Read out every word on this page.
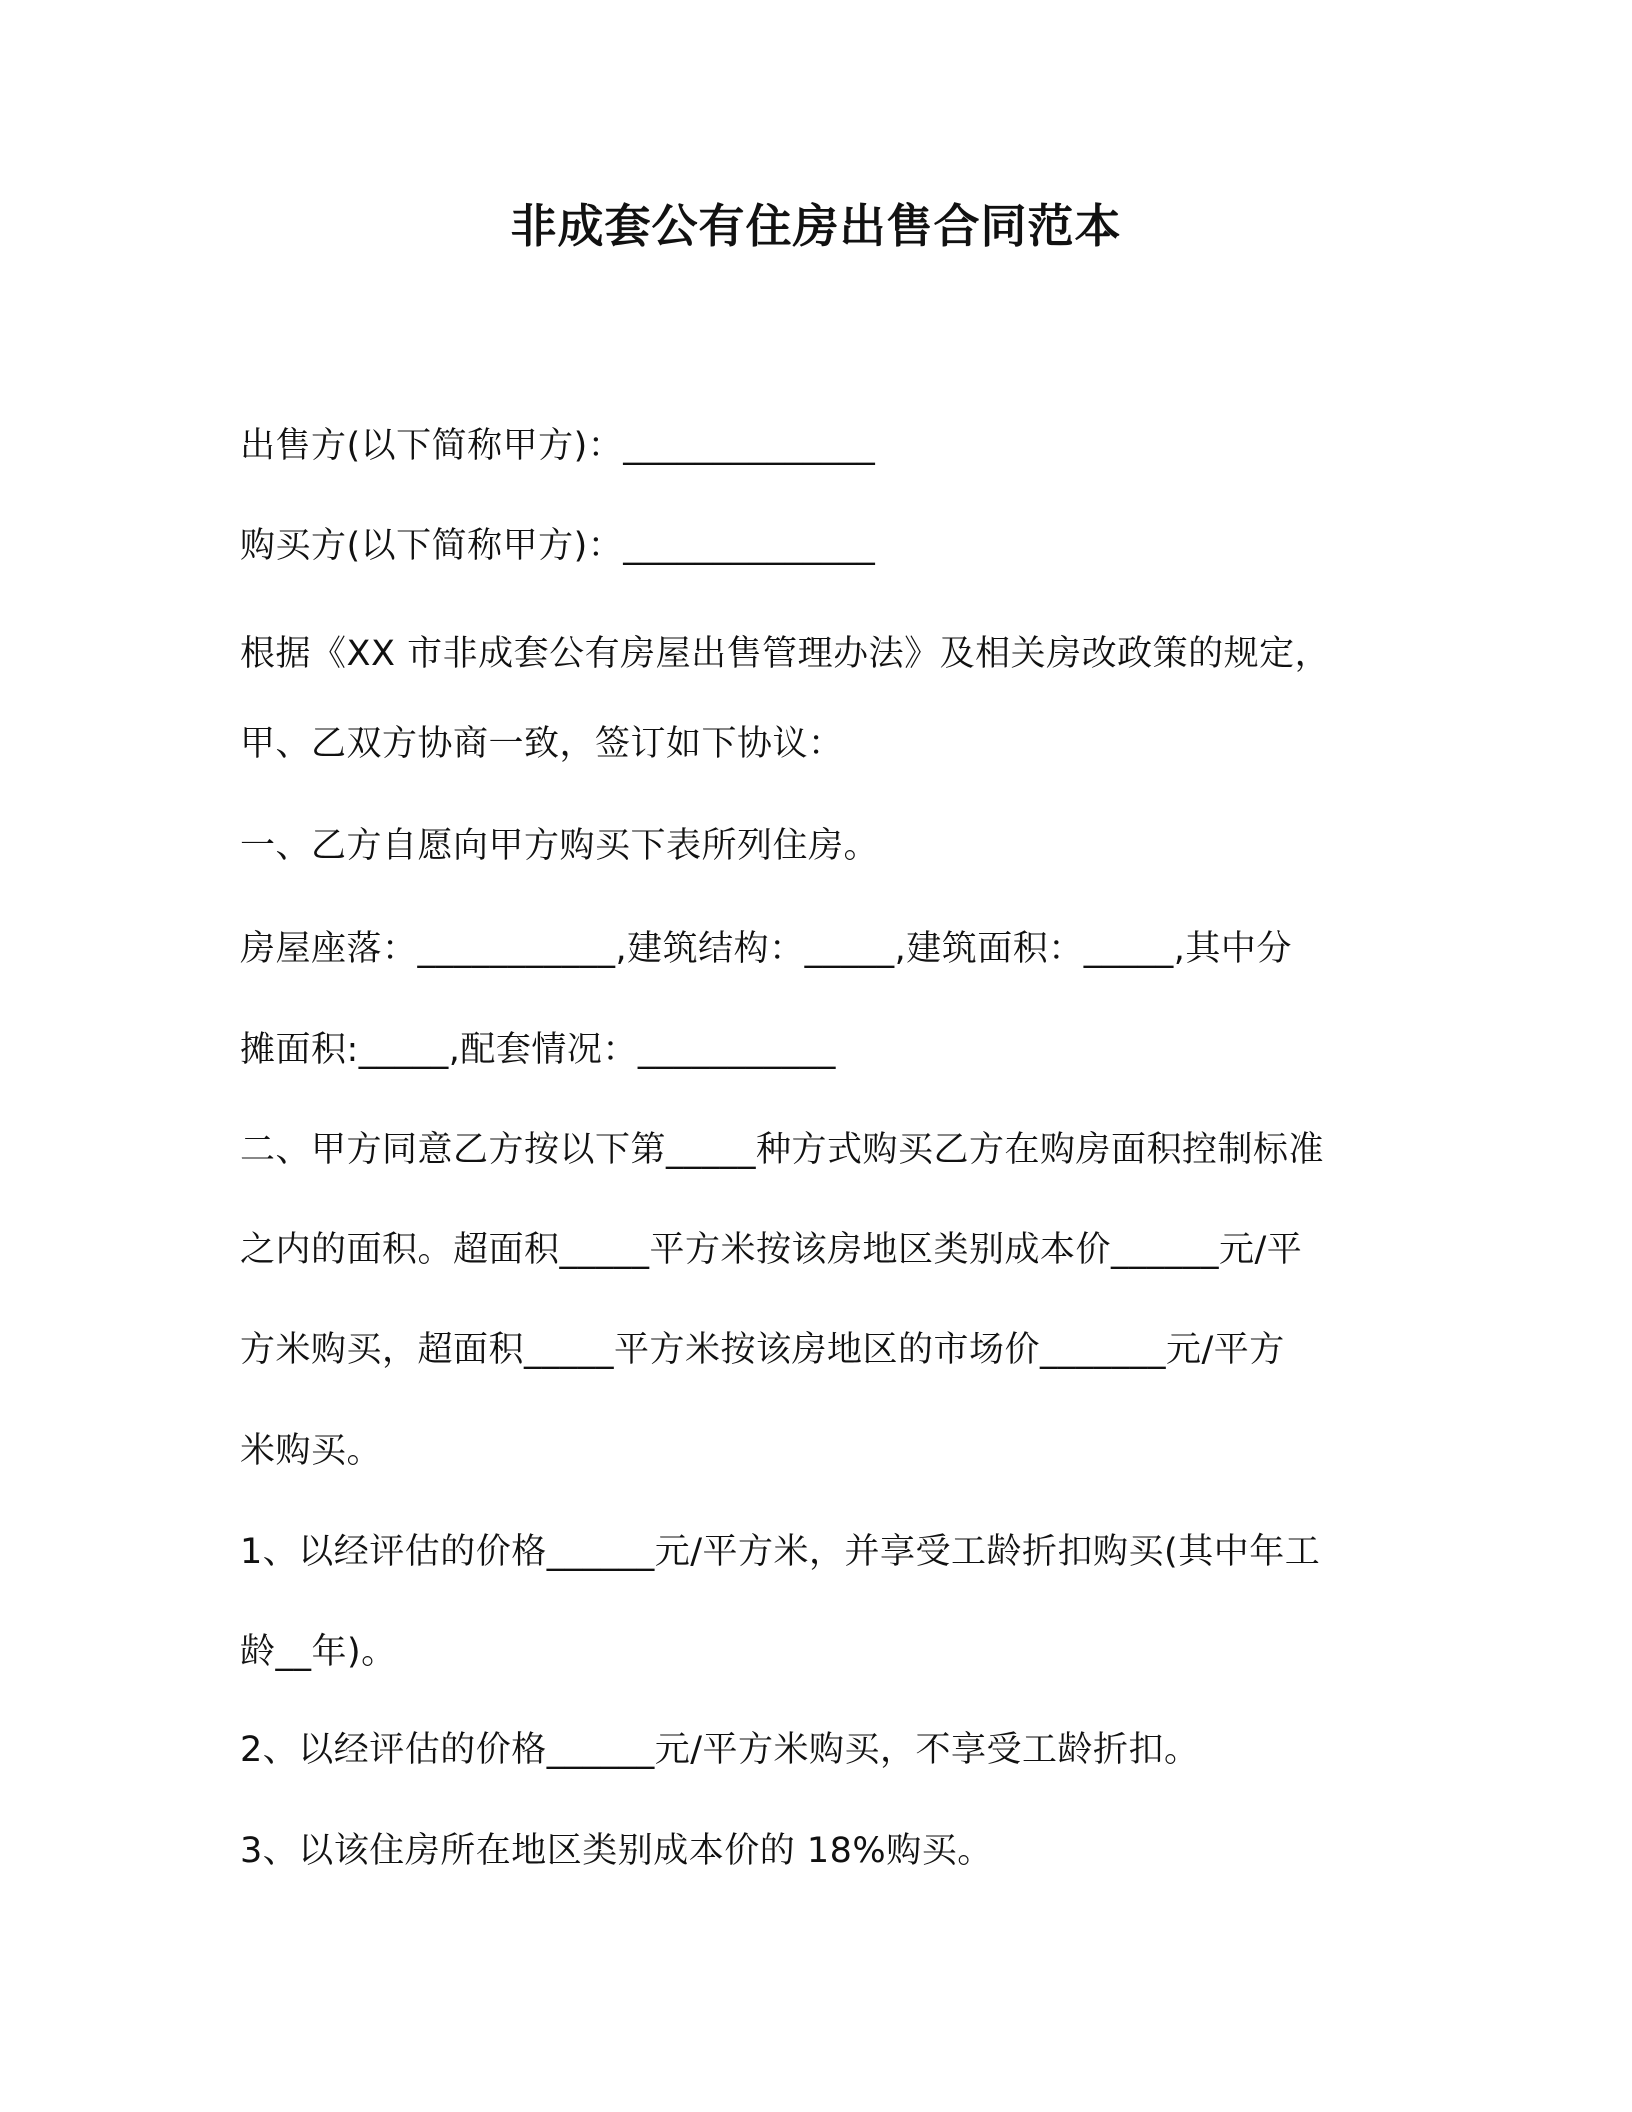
非成套公有住房出售合同范本
出售方(以下简称甲方)：______________
购买方(以下简称甲方)：______________
根据《XX 市非成套公有房屋出售管理办法》及相关房改政策的规定，
甲、乙双方协商一致，签订如下协议：
一、乙方自愿向甲方购买下表所列住房。
房屋座落：___________,建筑结构：_____,建筑面积：_____,其中分
摊面积:_____,配套情况：___________
二、甲方同意乙方按以下第_____种方式购买乙方在购房面积控制标准
之内的面积。超面积_____平方米按该房地区类别成本价______元/平
方米购买，超面积_____平方米按该房地区的市场价_______元/平方
米购买。
1、以经评估的价格______元/平方米，并享受工龄折扣购买(其中年工
龄__年)。
2、以经评估的价格______元/平方米购买，不享受工龄折扣。
3、以该住房所在地区类别成本价的 18%购买。
